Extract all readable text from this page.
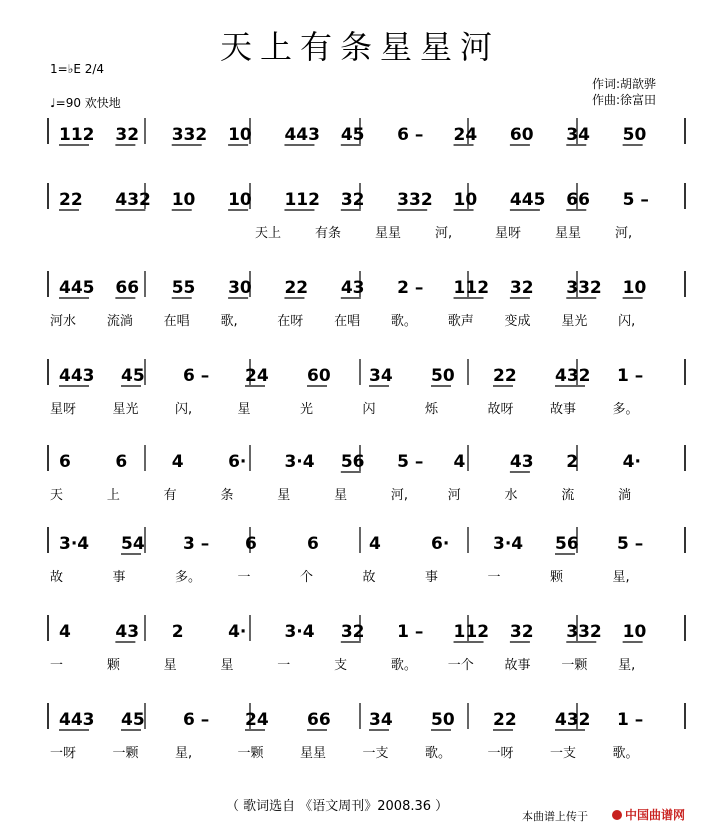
天上有条星星河
1=♭E 2/4
♩=90 欢快地
作词:胡歆骅
作曲:徐富田
112 32 332 10 443 45 6 – 24 60 34 50
22 432 10 10 112 32 332 10 445 66 5 –
445 66 55 30 22 43 2 – 112 32 332 10
443 45 6 – 24 60 34 50 22 432 1 –
6	6	4	6· 3·4 56 5 – 4	43 2	4·
3·4 54 3 – 6	6	4	6·	3·4 56 5 –
4	43 2	4· 3·4 32 1 – 112 32 332 10
443 45 6 – 24 66 34 50 22 432 1 –
天上	有条	星星	河,	星呀	星星	河,
河水 流淌 在唱 歌,	在呀 在唱 歌。 歌声 变成 星光 闪,
星呀	星光	闪,	星	光	闪	烁	故呀	故事	多。
天	上	有	条	星	星	河,	河	水	流	淌
故	事	多。	一	个	故	事	一	颗	星,
一	颗	星	星	一	支	歌。 一个 故事 一颗 星,
一呀	一颗	星,	一颗	星星	一支	歌。	一呀	一支	歌。
（ 歌词选自 《语文周刊》2008.36 ）
本曲谱上传于	中国曲谱网
